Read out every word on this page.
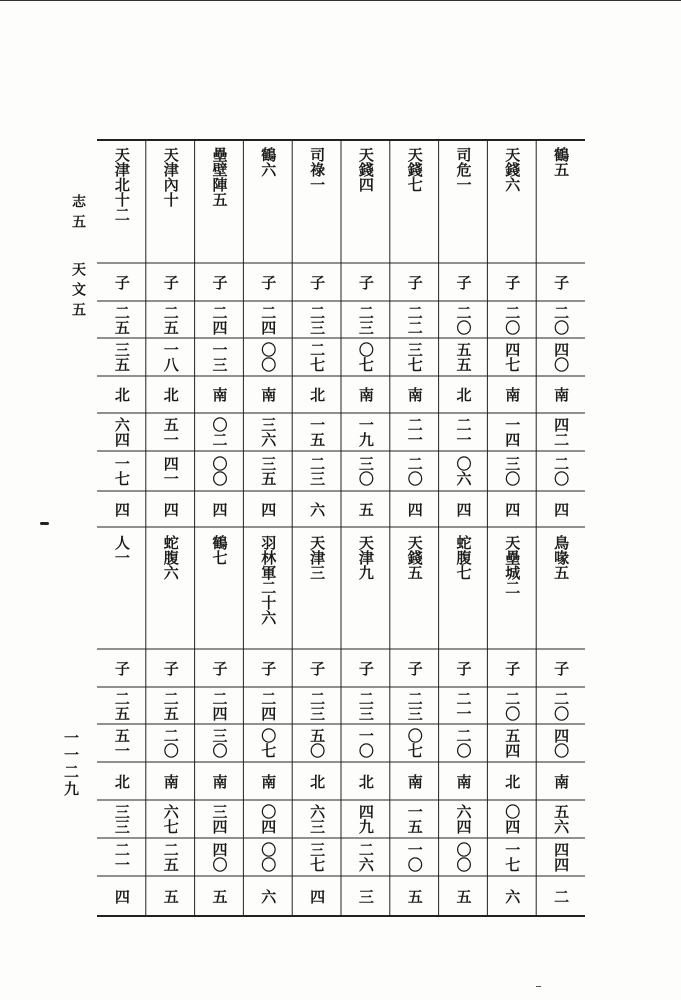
志五
天文五
一一二九
鶴五
天錢六
司危一
天錢七
天錢四
司祿一
鶴六
壘壁陣五
天津內十
天津北十二
子
子
子
子
子
子
子
子
子
子
二〇
二〇
二〇
二二
二三
二三
二四
二四
二五
二五
四〇
四七
五五
三七
〇七
二七
〇〇
一三
一八
三五
南
南
北
南
南
北
南
南
北
北
四二
一四
二一
二一
一九
一五
三六
〇二
五一
六四
二〇
三〇
〇六
二〇
三〇
二三
三五
〇〇
四一
一七
四
四
四
四
五
六
四
四
四
四
鳥喙五
天壘城二
蛇腹七
天錢五
天津九
天津三
羽林軍二十六
鶴七
蛇腹六
人一
子
子
子
子
子
子
子
子
子
子
二〇
二〇
二一
二三
二三
二三
二四
二四
二五
二五
四〇
五四
二〇
〇七
一〇
五〇
〇七
三〇
二〇
五一
南
北
南
南
北
北
南
南
南
北
五六
〇四
六四
一五
四九
六三
〇四
三四
六七
三三
四四
一七
〇〇
一〇
二六
三七
〇〇
四〇
二五
二一
二
六
五
五
三
四
六
五
五
四
